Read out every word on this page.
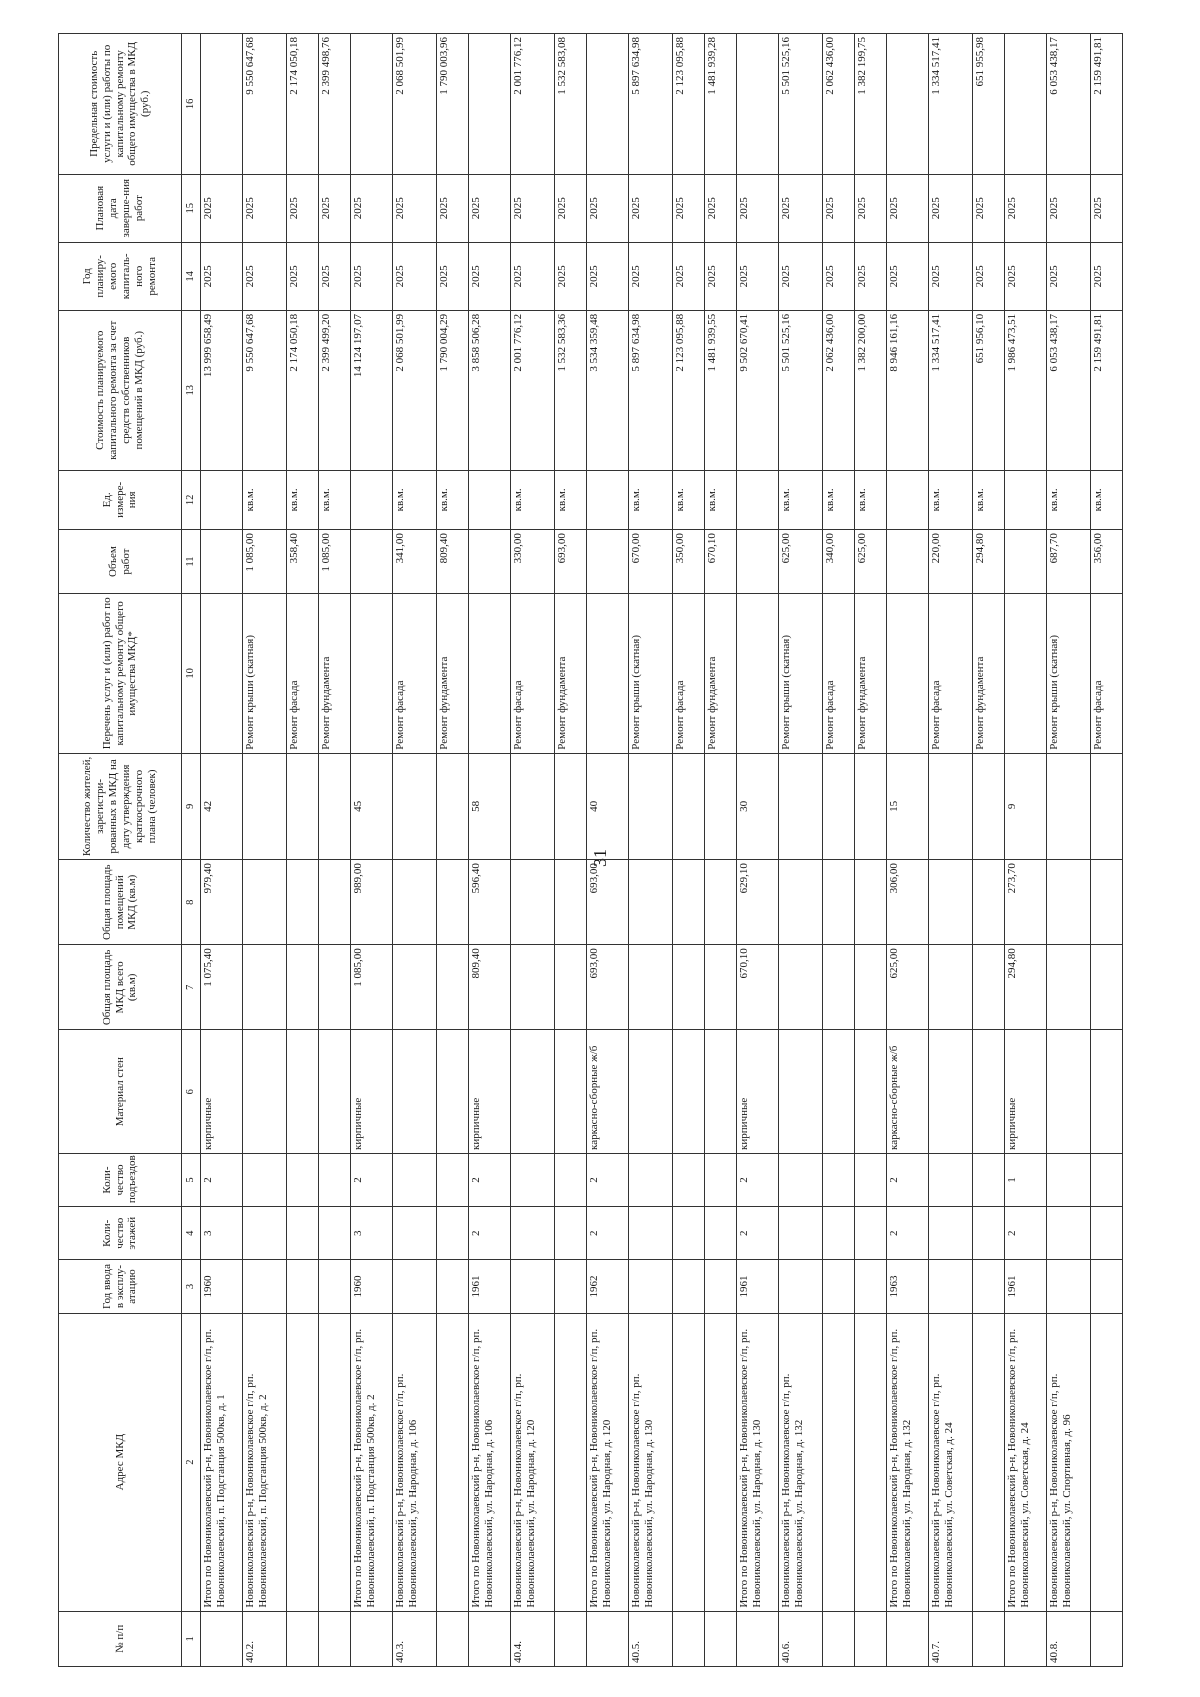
31
№ п/п	Адрес МКД	Год ввода в эксплу-атацию	Коли-чество этажей	Коли-чество подъездов	Материал стен	Общая площадь МКД всего (кв.м)	Общая площадь помещений МКД (кв.м)	Количество жителей, зарегистри-рованных в МКД на дату утверждения краткосрочного плана (человек)	Перечень услуг и (или) работ по капитальному ремонту общего имущества МКД*	Объем работ	Ед. измере-ния	Стоимость планируемого капитального ремонта за счет средств собственников помещений в МКД (руб.)	Год планиру-емого капиталь-ного ремонта	Плановая дата заверше-ния работ	Предельная стоимость услуги и (или) работы по капитальному ремонту общего имущества в МКД (руб.)
1	2	3	4	5	6	7	8	9	10	11	12	13	14	15	16
	Итого по Новониколаевский р-н, Новониколаевское г/п, рп. Новониколаевский, п. Подстанция 500кв, д. 1	1960	3	2	кирпичные	1 075,40	979,40	42				13 999 658,49	2025	2025	
40.2.	Новониколаевский р-н, Новониколаевское г/п, рп. Новониколаевский, п. Подстанция 500кв, д. 2								Ремонт крыши (скатная)	1 085,00	кв.м.	9 550 647,68	2025	2025	9 550 647,68
									Ремонт фасада	358,40	кв.м.	2 174 050,18	2025	2025	2 174 050,18
									Ремонт фундамента	1 085,00	кв.м.	2 399 499,20	2025	2025	2 399 498,76
	Итого по Новониколаевский р-н, Новониколаевское г/п, рп. Новониколаевский, п. Подстанция 500кв, д. 2	1960	3	2	кирпичные	1 085,00	989,00	45				14 124 197,07	2025	2025	
40.3.	Новониколаевский р-н, Новониколаевское г/п, рп. Новониколаевский, ул. Народная, д. 106								Ремонт фасада	341,00	кв.м.	2 068 501,99	2025	2025	2 068 501,99
									Ремонт фундамента	809,40	кв.м.	1 790 004,29	2025	2025	1 790 003,96
	Итого по Новониколаевский р-н, Новониколаевское г/п, рп. Новониколаевский, ул. Народная, д. 106	1961	2	2	кирпичные	809,40	596,40	58				3 858 506,28	2025	2025	
40.4.	Новониколаевский р-н, Новониколаевское г/п, рп. Новониколаевский, ул. Народная, д. 120								Ремонт фасада	330,00	кв.м.	2 001 776,12	2025	2025	2 001 776,12
									Ремонт фундамента	693,00	кв.м.	1 532 583,36	2025	2025	1 532 583,08
	Итого по Новониколаевский р-н, Новониколаевское г/п, рп. Новониколаевский, ул. Народная, д. 120	1962	2	2	каркасно-сборные ж/б	693,00	693,00	40				3 534 359,48	2025	2025	
40.5.	Новониколаевский р-н, Новониколаевское г/п, рп. Новониколаевский, ул. Народная, д. 130								Ремонт крыши (скатная)	670,00	кв.м.	5 897 634,98	2025	2025	5 897 634,98
									Ремонт фасада	350,00	кв.м.	2 123 095,88	2025	2025	2 123 095,88
									Ремонт фундамента	670,10	кв.м.	1 481 939,55	2025	2025	1 481 939,28
	Итого по Новониколаевский р-н, Новониколаевское г/п, рп. Новониколаевский, ул. Народная, д. 130	1961	2	2	кирпичные	670,10	629,10	30				9 502 670,41	2025	2025	
40.6.	Новониколаевский р-н, Новониколаевское г/п, рп. Новониколаевский, ул. Народная, д. 132								Ремонт крыши (скатная)	625,00	кв.м.	5 501 525,16	2025	2025	5 501 525,16
									Ремонт фасада	340,00	кв.м.	2 062 436,00	2025	2025	2 062 436,00
									Ремонт фундамента	625,00	кв.м.	1 382 200,00	2025	2025	1 382 199,75
	Итого по Новониколаевский р-н, Новониколаевское г/п, рп. Новониколаевский, ул. Народная, д. 132	1963	2	2	каркасно-сборные ж/б	625,00	306,00	15				8 946 161,16	2025	2025	
40.7.	Новониколаевский р-н, Новониколаевское г/п, рп. Новониколаевский, ул. Советская, д. 24								Ремонт фасада	220,00	кв.м.	1 334 517,41	2025	2025	1 334 517,41
									Ремонт фундамента	294,80	кв.м.	651 956,10	2025	2025	651 955,98
	Итого по Новониколаевский р-н, Новониколаевское г/п, рп. Новониколаевский, ул. Советская, д. 24	1961	2	1	кирпичные	294,80	273,70	9				1 986 473,51	2025	2025	
40.8.	Новониколаевский р-н, Новониколаевское г/п, рп. Новониколаевский, ул. Спортивная, д. 96								Ремонт крыши (скатная)	687,70	кв.м.	6 053 438,17	2025	2025	6 053 438,17
									Ремонт фасада	356,00	кв.м.	2 159 491,81	2025	2025	2 159 491,81
